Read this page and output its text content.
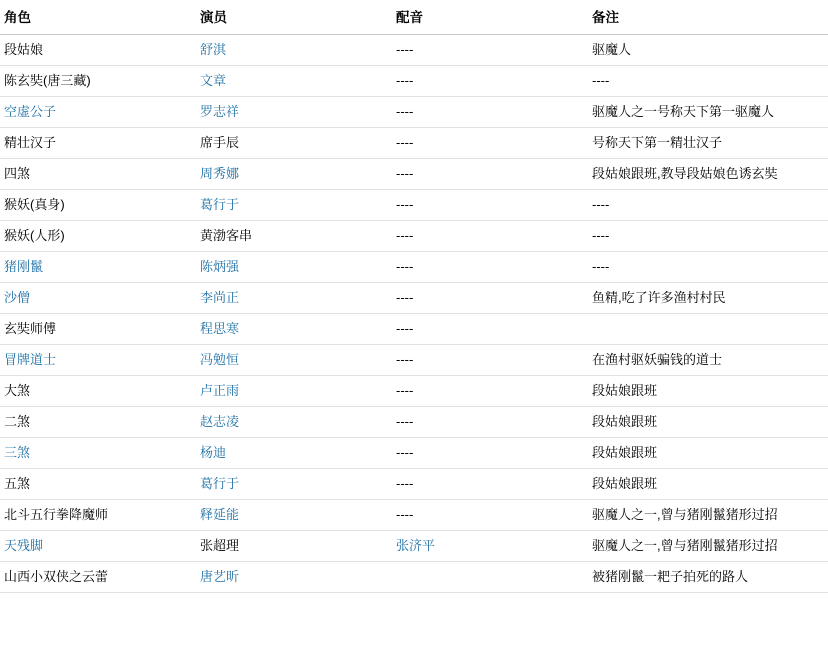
角色	演员	配音	备注
段姑娘	舒淇	----	驱魔人
陈玄奘(唐三藏)	文章	----	----
空虚公子	罗志祥	----	驱魔人之一号称天下第一驱魔人
精壮汉子	席手辰	----	号称天下第一精壮汉子
四煞	周秀娜	----	段姑娘跟班,教导段姑娘色诱玄奘
猴妖(真身)	葛行于	----	----
猴妖(人形)	黄渤客串	----	----
猪刚鬣	陈炳强	----	----
沙僧	李尚正	----	鱼精,吃了许多渔村村民
玄奘师傅	程思寒	----	
冒牌道士	冯勉恒	----	在渔村驱妖骗钱的道士
大煞	卢正雨	----	段姑娘跟班
二煞	赵志凌	----	段姑娘跟班
三煞	杨迪	----	段姑娘跟班
五煞	葛行于	----	段姑娘跟班
北斗五行拳降魔师	释延能	----	驱魔人之一,曾与猪刚鬣猪形过招
天残脚	张超理	张济平	驱魔人之一,曾与猪刚鬣猪形过招
山西小双侠之云蕾	唐艺昕		被猪刚鬣一耙子拍死的路人
